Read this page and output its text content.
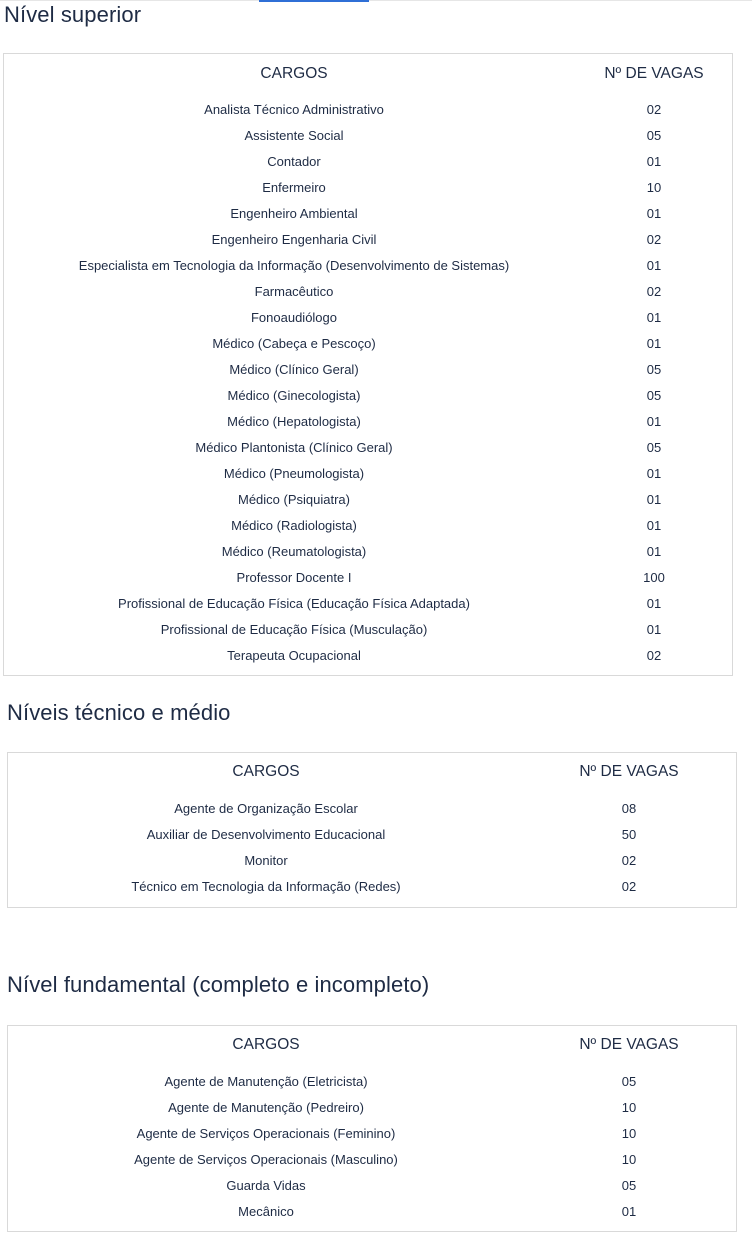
Nível superior
CARGOS	Nº DE VAGAS
Analista Técnico Administrativo	02
Assistente Social	05
Contador	01
Enfermeiro	10
Engenheiro Ambiental	01
Engenheiro Engenharia Civil	02
Especialista em Tecnologia da Informação (Desenvolvimento de Sistemas)	01
Farmacêutico	02
Fonoaudiólogo	01
Médico (Cabeça e Pescoço)	01
Médico (Clínico Geral)	05
Médico (Ginecologista)	05
Médico (Hepatologista)	01
Médico Plantonista (Clínico Geral)	05
Médico (Pneumologista)	01
Médico (Psiquiatra)	01
Médico (Radiologista)	01
Médico (Reumatologista)	01
Professor Docente I	100
Profissional de Educação Física (Educação Física Adaptada)	01
Profissional de Educação Física (Musculação)	01
Terapeuta Ocupacional	02
Níveis técnico e médio
CARGOS	Nº DE VAGAS
Agente de Organização Escolar	08
Auxiliar de Desenvolvimento Educacional	50
Monitor	02
Técnico em Tecnologia da Informação (Redes)	02
Nível fundamental (completo e incompleto)
CARGOS	Nº DE VAGAS
Agente de Manutenção (Eletricista)	05
Agente de Manutenção (Pedreiro)	10
Agente de Serviços Operacionais (Feminino)	10
Agente de Serviços Operacionais (Masculino)	10
Guarda Vidas	05
Mecânico	01
